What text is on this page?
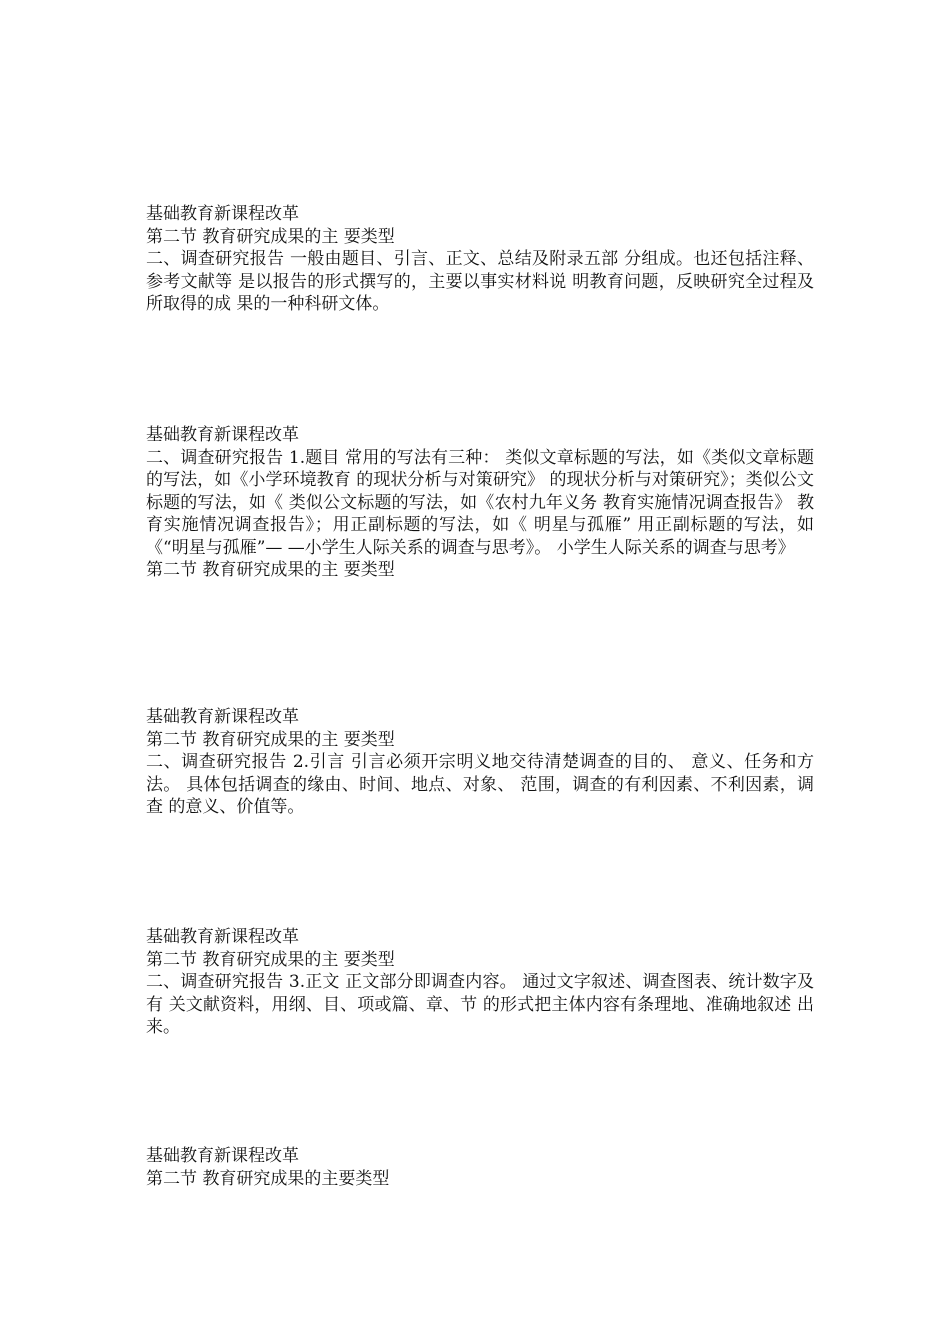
基础教育新课程改革
第二节 教育研究成果的主 要类型
二、调查研究报告 一般由题目、引言、正文、总结及附录五部 分组成。也还包括注释、参考文献等 是以报告的形式撰写的，主要以事实材料说 明教育问题，反映研究全过程及所取得的成 果的一种科研文体。
基础教育新课程改革
二、调查研究报告 1.题目 常用的写法有三种： 类似文章标题的写法，如《类似文章标题的写法，如《小学环境教育 的现状分析与对策研究》 的现状分析与对策研究》；类似公文标题的写法，如《 类似公文标题的写法，如《农村九年义务 教育实施情况调查报告》 教育实施情况调查报告》；用正副标题的写法，如《 明星与孤雁” 用正副标题的写法，如《“明星与孤雁”— —小学生人际关系的调查与思考》。 小学生人际关系的调查与思考》
第二节 教育研究成果的主 要类型
基础教育新课程改革
第二节 教育研究成果的主 要类型
二、调查研究报告 2.引言 引言必须开宗明义地交待清楚调查的目的、 意义、任务和方法。 具体包括调查的缘由、时间、地点、对象、 范围，调查的有利因素、不利因素，调查 的意义、价值等。
基础教育新课程改革
第二节 教育研究成果的主 要类型
二、调查研究报告 3.正文 正文部分即调查内容。 通过文字叙述、调查图表、统计数字及有 关文献资料，用纲、目、项或篇、章、节 的形式把主体内容有条理地、准确地叙述 出来。
基础教育新课程改革
第二节 教育研究成果的主要类型
